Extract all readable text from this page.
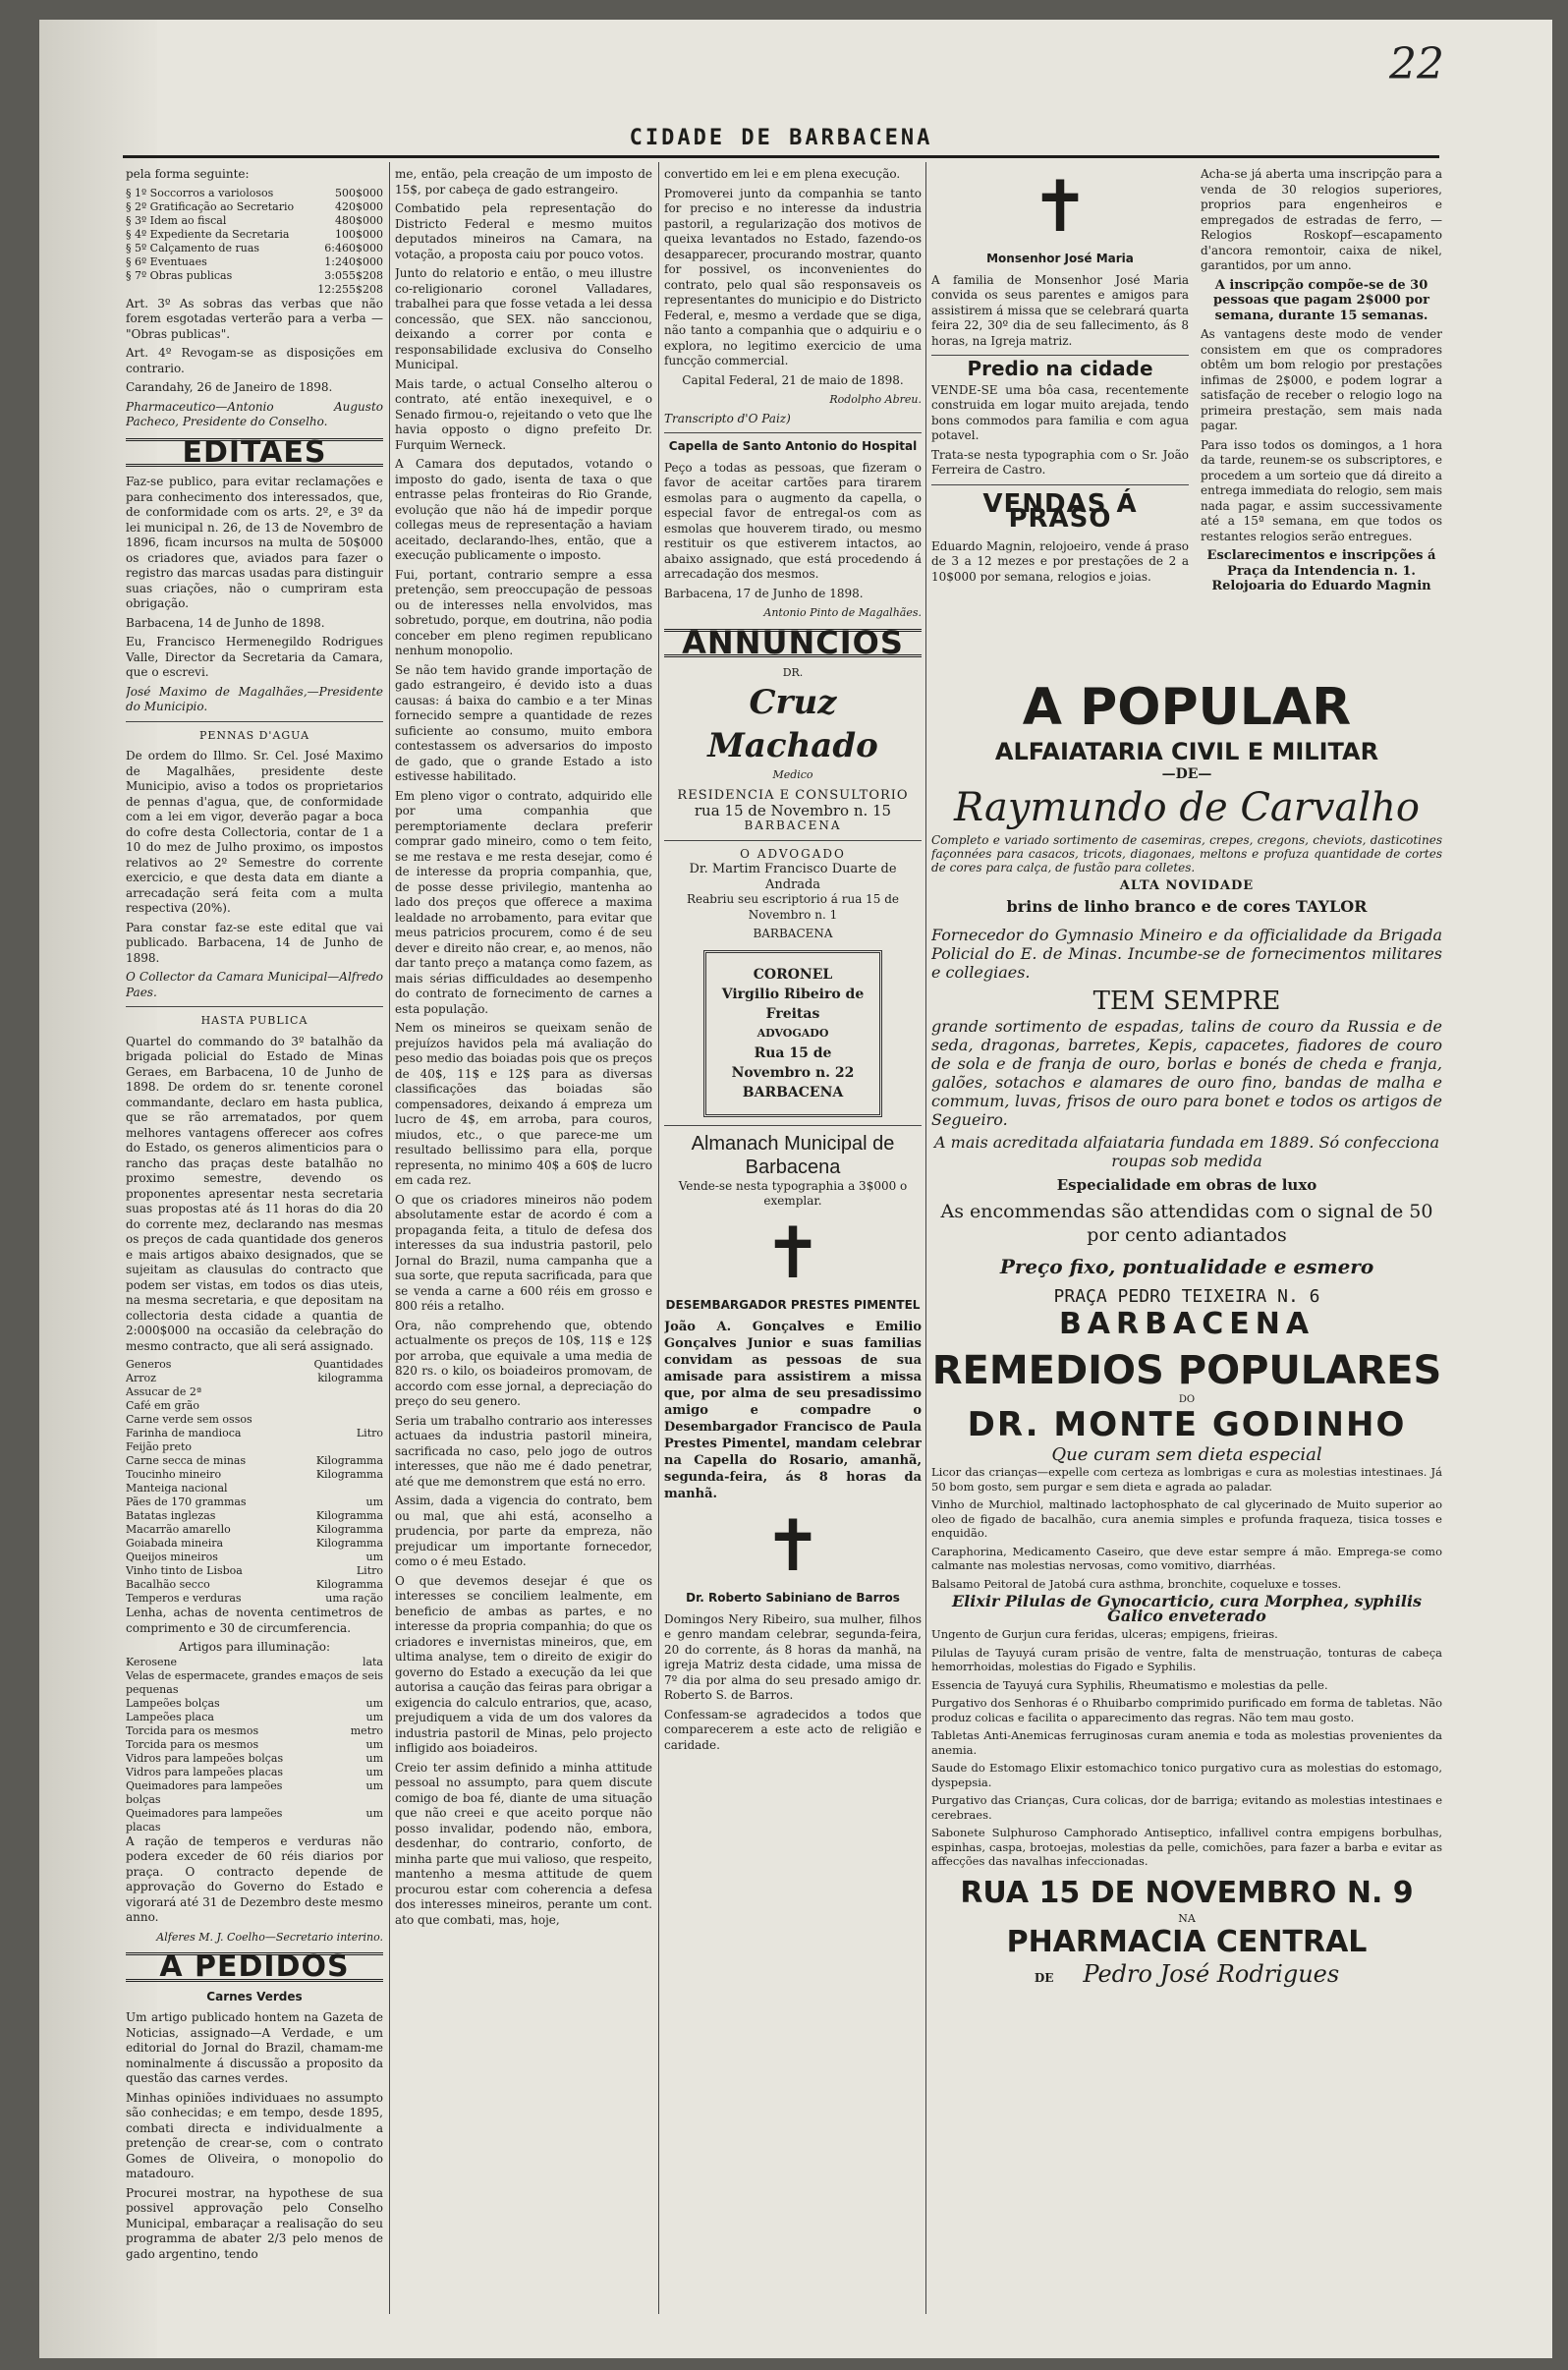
22
CIDADE DE BARBACENA

pela forma seguinte:

§ 1º Soccorros a variolosos	500$000
§ 2º Gratificação ao Secretario	420$000
§ 3º Idem ao fiscal	480$000
§ 4º Expediente da Secretaria	100$000
§ 5º Calçamento de ruas	6:460$000
§ 6º Eventuaes	1:240$000
§ 7º Obras publicas	3:055$208
	12:255$208

Art. 3º As sobras das verbas que não forem esgotadas verterão para a verba — "Obras publicas".

Art. 4º Revogam-se as disposições em contrario.

Carandahy, 26 de Janeiro de 1898.

Pharmaceutico—Antonio Augusto Pacheco, Presidente do Conselho.

EDITAES

Faz-se publico, para evitar reclamações e para conhecimento dos interessados, que, de conformidade com os arts. 2º, e 3º da lei municipal n. 26, de 13 de Novembro de 1896, ficam incursos na multa de 50$000 os criadores que, aviados para fazer o registro das marcas usadas para distinguir suas criações, não o cumpriram esta obrigação.

Barbacena, 14 de Junho de 1898.

Eu, Francisco Hermenegildo Rodrigues Valle, Director da Secretaria da Camara, que o escrevi.

José Maximo de Magalhães,—Presidente do Municipio.

PENNAS D'AGUA

De ordem do Illmo. Sr. Cel. José Maximo de Magalhães, presidente deste Municipio, aviso a todos os proprietarios de pennas d'agua, que, de conformidade com a lei em vigor, deverão pagar a boca do cofre desta Collectoria, contar de 1 a 10 do mez de Julho proximo, os impostos relativos ao 2º Semestre do corrente exercicio, e que desta data em diante a arrecadação será feita com a multa respectiva (20%).

Para constar faz-se este edital que vai publicado. Barbacena, 14 de Junho de 1898.

O Collector da Camara Municipal—Alfredo Paes.

HASTA PUBLICA

Quartel do commando do 3º batalhão da brigada policial do Estado de Minas Geraes, em Barbacena, 10 de Junho de 1898. De ordem do sr. tenente coronel commandante, declaro em hasta publica, que se rão arrematados, por quem melhores vantagens offerecer aos cofres do Estado, os generos alimenticios para o rancho das praças deste batalhão no proximo semestre, devendo os proponentes apresentar nesta secretaria suas propostas até ás 11 horas do dia 20 do corrente mez, declarando nas mesmas os preços de cada quantidade dos generos e mais artigos abaixo designados, que se sujeitam as clausulas do contracto que podem ser vistas, em todos os dias uteis, na mesma secretaria, e que depositam na collectoria desta cidade a quantia de 2:000$000 na occasião da celebração do mesmo contracto, que ali será assignado.

Generos	Quantidades
Arroz	kilogramma
Assucar de 2ª	
Café em grão	
Carne verde sem ossos	
Farinha de mandioca	Litro
Feijão preto	
Carne secca de minas	Kilogramma
Toucinho mineiro	Kilogramma
Manteiga nacional	
Pães de 170 grammas	um
Batatas inglezas	Kilogramma
Macarrão amarello	Kilogramma
Goiabada mineira	Kilogramma
Queijos mineiros	um
Vinho tinto de Lisboa	Litro
Bacalhão secco	Kilogramma
Temperos e verduras	uma ração

Lenha, achas de noventa centimetros de comprimento e 30 de circumferencia.

Artigos para illuminação:
Kerosene	lata
Velas de espermacete, grandes e pequenas	maços de seis
Lampeões bolças	um
Lampeões placa	um
Torcida para os mesmos	metro
Torcida para os mesmos	um
Vidros para lampeões bolças	um
Vidros para lampeões placas	um
Queimadores para lampeões bolças	um
Queimadores para lampeões placas	um

A ração de temperos e verduras não podera exceder de 60 réis diarios por praça. O contracto depende de approvação do Governo do Estado e vigorará até 31 de Dezembro deste mesmo anno.

Alferes M. J. Coelho—Secretario interino.

A PEDIDOS
Carnes Verdes

Um artigo publicado hontem na Gazeta de Noticias, assignado—A Verdade, e um editorial do Jornal do Brazil, chamam-me nominalmente á discussão a proposito da questão das carnes verdes.

Minhas opiniões individuaes no assumpto são conhecidas; e em tempo, desde 1895, combati directa e individualmente a pretenção de crear-se, com o contrato Gomes de Oliveira, o monopolio do matadouro.

Procurei mostrar, na hypothese de sua possivel approvação pelo Conselho Municipal, embaraçar a realisação do seu programma de abater 2/3 pelo menos de gado argentino, tendo

me, então, pela creação de um imposto de 15$, por cabeça de gado estrangeiro.

Combatido pela representação do Districto Federal e mesmo muitos deputados mineiros na Camara, na votação, a proposta caiu por pouco votos.

Junto do relatorio e então, o meu illustre co-religionario coronel Valladares, trabalhei para que fosse vetada a lei dessa concessão, que SEX. não sanccionou, deixando a correr por conta e responsabilidade exclusiva do Conselho Municipal.

Mais tarde, o actual Conselho alterou o contrato, até então inexequivel, e o Senado firmou-o, rejeitando o veto que lhe havia opposto o digno prefeito Dr. Furquim Werneck.

A Camara dos deputados, votando o imposto do gado, isenta de taxa o que entrasse pelas fronteiras do Rio Grande, evolução que não há de impedir porque collegas meus de representação a haviam aceitado, declarando-lhes, então, que a execução publicamente o imposto.

Fui, portant, contrario sempre a essa pretenção, sem preoccupação de pessoas ou de interesses nella envolvidos, mas sobretudo, porque, em doutrina, não podia conceber em pleno regimen republicano nenhum monopolio.

Se não tem havido grande importação de gado estrangeiro, é devido isto a duas causas: á baixa do cambio e a ter Minas fornecido sempre a quantidade de rezes suficiente ao consumo, muito embora contestassem os adversarios do imposto de gado, que o grande Estado a isto estivesse habilitado.

Em pleno vigor o contrato, adquirido elle por uma companhia que peremptoriamente declara preferir comprar gado mineiro, como o tem feito, se me restava e me resta desejar, como é de interesse da propria companhia, que, de posse desse privilegio, mantenha ao lado dos preços que offerece a maxima lealdade no arrobamento, para evitar que meus patricios procurem, como é de seu dever e direito não crear, e, ao menos, não dar tanto preço a matança como fazem, as mais sérias difficuldades ao desempenho do contrato de fornecimento de carnes a esta população.

Nem os mineiros se queixam senão de prejuízos havidos pela má avaliação do peso medio das boiadas pois que os preços de 40$, 11$ e 12$ para as diversas classificações das boiadas são compensadores, deixando á empreza um lucro de 4$, em arroba, para couros, miudos, etc., o que parece-me um resultado bellissimo para ella, porque representa, no minimo 40$ a 60$ de lucro em cada rez.

O que os criadores mineiros não podem absolutamente estar de acordo é com a propaganda feita, a titulo de defesa dos interesses da sua industria pastoril, pelo Jornal do Brazil, numa campanha que a sua sorte, que reputa sacrificada, para que se venda a carne a 600 réis em grosso e 800 réis a retalho.

Ora, não comprehendo que, obtendo actualmente os preços de 10$, 11$ e 12$ por arroba, que equivale a uma media de 820 rs. o kilo, os boiadeiros promovam, de accordo com esse jornal, a depreciação do preço do seu genero.

Seria um trabalho contrario aos interesses actuaes da industria pastoril mineira, sacrificada no caso, pelo jogo de outros interesses, que não me é dado penetrar, até que me demonstrem que está no erro.

Assim, dada a vigencia do contrato, bem ou mal, que ahi está, aconselho a prudencia, por parte da empreza, não prejudicar um importante fornecedor, como o é meu Estado.

O que devemos desejar é que os interesses se conciliem lealmente, em beneficio de ambas as partes, e no interesse da propria companhia; do que os criadores e invernistas mineiros, que, em ultima analyse, tem o direito de exigir do governo do Estado a execução da lei que autorisa a caução das feiras para obrigar a exigencia do calculo entrarios, que, acaso, prejudiquem a vida de um dos valores da industria pastoril de Minas, pelo projecto infligido aos boiadeiros.

Creio ter assim definido a minha attitude pessoal no assumpto, para quem discute comigo de boa fé, diante de uma situação que não creei e que aceito porque não posso invalidar, podendo não, embora, desdenhar, do contrario, conforto, de minha parte que mui valioso, que respeito, mantenho a mesma attitude de quem procurou estar com coherencia a defesa dos interesses mineiros, perante um cont. ato que combati, mas, hoje,

convertido em lei e em plena execução.

Promoverei junto da companhia se tanto for preciso e no interesse da industria pastoril, a regularização dos motivos de queixa levantados no Estado, fazendo-os desapparecer, procurando mostrar, quanto for possivel, os inconvenientes do contrato, pelo qual são responsaveis os representantes do municipio e do Districto Federal, e, mesmo a verdade que se diga, não tanto a companhia que o adquiriu e o explora, no legitimo exercicio de uma funcção commercial.

Capital Federal, 21 de maio de 1898.

Rodolpho Abreu.

Transcripto d'O Paiz)

Capella de Santo Antonio do Hospital

Peço a todas as pessoas, que fizeram o favor de aceitar cartões para tirarem esmolas para o augmento da capella, o especial favor de entregal-os com as esmolas que houverem tirado, ou mesmo restituir os que estiverem intactos, ao abaixo assignado, que está procedendo á arrecadação dos mesmos.

Barbacena, 17 de Junho de 1898.

Antonio Pinto de Magalhães.

ANNUNCIOS
DR.
Cruz Machado
Medico
RESIDENCIA E CONSULTORIO
rua 15 de Novembro n. 15
BARBACENA
O ADVOGADO
Dr. Martim Francisco Duarte de Andrada

Reabriu seu escriptorio á rua 15 de Novembro n. 1

BARBACENA
CORONEL
Virgilio Ribeiro de Freitas
ADVOGADO
Rua 15 de Novembro n. 22
BARBACENA
Almanach Municipal de Barbacena

Vende-se nesta typographia a 3$000 o exemplar.

✝
DESEMBARGADOR PRESTES PIMENTEL

João A. Gonçalves e Emilio Gonçalves Junior e suas familias convidam as pessoas de sua amisade para assistirem a missa que, por alma de seu presadissimo amigo e compadre o Desembargador Francisco de Paula Prestes Pimentel, mandam celebrar na Capella do Rosario, amanhã, segunda-feira, ás 8 horas da manhã.

✝
Dr. Roberto Sabiniano de Barros

Domingos Nery Ribeiro, sua mulher, filhos e genro mandam celebrar, segunda-feira, 20 do corrente, ás 8 horas da manhã, na igreja Matriz desta cidade, uma missa de 7º dia por alma do seu presado amigo dr. Roberto S. de Barros.

Confessam-se agradecidos a todos que comparecerem a este acto de religião e caridade.

✝
Monsenhor José Maria

A familia de Monsenhor José Maria convida os seus parentes e amigos para assistirem á missa que se celebrará quarta feira 22, 30º dia de seu fallecimento, ás 8 horas, na Igreja matriz.

Predio na cidade

VENDE-SE uma bôa casa, recentemente construida em logar muito arejada, tendo bons commodos para familia e com agua potavel.

Trata-se nesta typographia com o Sr. João Ferreira de Castro.

VENDAS Á PRASO

Eduardo Magnin, relojoeiro, vende á praso de 3 a 12 mezes e por prestações de 2 a 10$000 por semana, relogios e joias.

Acha-se já aberta uma inscripção para a venda de 30 relogios superiores, proprios para engenheiros e empregados de estradas de ferro, —Relogios Roskopf—escapamento d'ancora remontoir, caixa de nikel, garantidos, por um anno.

A inscripção compõe-se de 30 pessoas que pagam 2$000 por semana, durante 15 semanas.

As vantagens deste modo de vender consistem em que os compradores obtêm um bom relogio por prestações infimas de 2$000, e podem lograr a satisfação de receber o relogio logo na primeira prestação, sem mais nada pagar.

Para isso todos os domingos, a 1 hora da tarde, reunem-se os subscriptores, e procedem a um sorteio que dá direito a entrega immediata do relogio, sem mais nada pagar, e assim successivamente até a 15ª semana, em que todos os restantes relogios serão entregues.

Esclarecimentos e inscripções á Praça da Intendencia n. 1. Relojoaria do Eduardo Magnin

A POPULAR
ALFAIATARIA CIVIL E MILITAR
—DE—
Raymundo de Carvalho

Completo e variado sortimento de casemiras, crepes, cregons, cheviots, dasticotines façonnées para casacos, tricots, diagonaes, meltons e profuza quantidade de cortes de cores para calça, de fustão para colletes.

ALTA NOVIDADE
brins de linho branco e de cores TAYLOR

Fornecedor do Gymnasio Mineiro e da officialidade da Brigada Policial do E. de Minas. Incumbe-se de fornecimentos militares e collegiaes.

TEM SEMPRE

grande sortimento de espadas, talins de couro da Russia e de seda, dragonas, barretes, Kepis, capacetes, fiadores de couro de sola e de franja de ouro, borlas e bonés de cheda e franja, galões, sotachos e alamares de ouro fino, bandas de malha e commum, luvas, frisos de ouro para bonet e todos os artigos de Segueiro.

A mais acreditada alfaiataria fundada em 1889. Só confecciona roupas sob medida

Especialidade em obras de luxo
As encommendas são attendidas com o signal de 50 por cento adiantados
Preço fixo, pontualidade e esmero
PRAÇA PEDRO TEIXEIRA N. 6
BARBACENA
REMEDIOS POPULARES
DO
DR. MONTE GODINHO
Que curam sem dieta especial

Licor das crianças—expelle com certeza as lombrigas e cura as molestias intestinaes. Já 50 bom gosto, sem purgar e sem dieta e agrada ao paladar.

Vinho de Murchiol, maltinado lactophosphato de cal glycerinado de Muito superior ao oleo de figado de bacalhão, cura anemia simples e profunda fraqueza, tisica tosses e enquidão.

Caraphorina, Medicamento Caseiro, que deve estar sempre á mão. Emprega-se como calmante nas molestias nervosas, como vomitivo, diarrhéas.

Balsamo Peitoral de Jatobá cura asthma, bronchite, coqueluxe e tosses.

Elixir Pilulas de Gynocarticio, cura Morphea, syphilis Galico enveterado

Ungento de Gurjun cura feridas, ulceras; empigens, frieiras.

Pilulas de Tayuyá curam prisão de ventre, falta de menstruação, tonturas de cabeça hemorrhoidas, molestias do Figado e Syphilis.

Essencia de Tayuyá cura Syphilis, Rheumatismo e molestias da pelle.

Purgativo dos Senhoras é o Rhuibarbo comprimido purificado em forma de tabletas. Não produz colicas e facilita o apparecimento das regras. Não tem mau gosto.

Tabletas Anti-Anemicas ferruginosas curam anemia e toda as molestias provenientes da anemia.

Saude do Estomago Elixir estomachico tonico purgativo cura as molestias do estomago, dyspepsia.

Purgativo das Crianças, Cura colicas, dor de barriga; evitando as molestias intestinaes e cerebraes.

Sabonete Sulphuroso Camphorado Antiseptico, infallivel contra empigens borbulhas, espinhas, caspa, brotoejas, molestias da pelle, comichões, para fazer a barba e evitar as affecções das navalhas infeccionadas.

RUA 15 DE NOVEMBRO N. 9
NA
PHARMACIA CENTRAL
DE Pedro José Rodrigues
